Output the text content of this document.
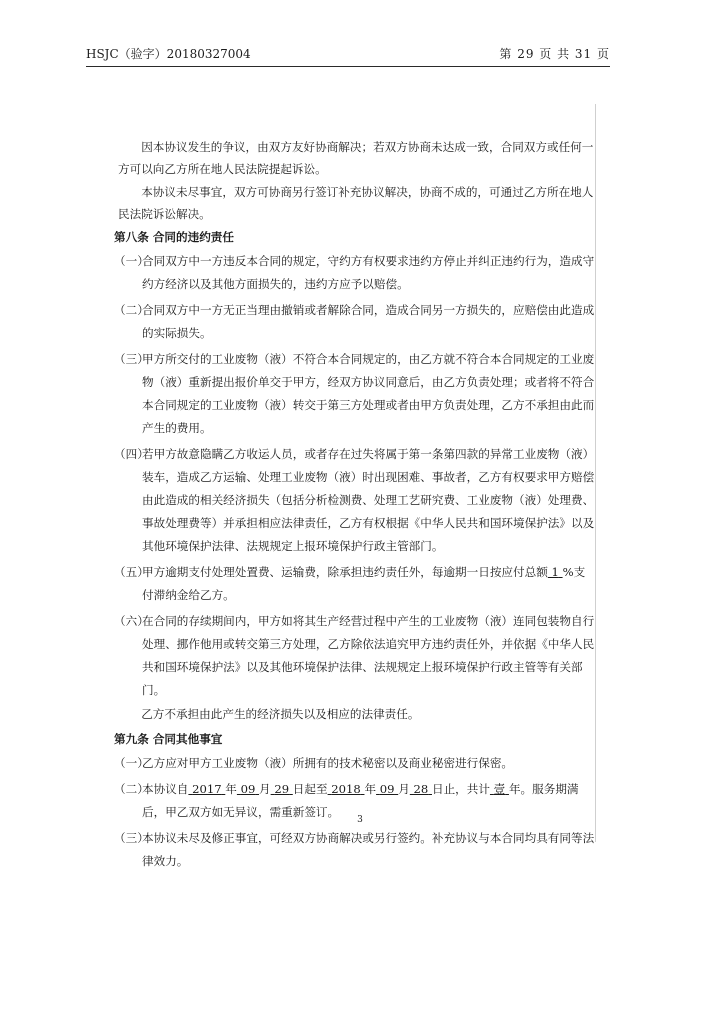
HSJC（验字）20180327004	第 29 页 共 31 页
因本协议发生的争议，由双方友好协商解决；若双方协商未达成一致，合同双方或任何一方可以向乙方所在地人民法院提起诉讼。
本协议未尽事宜，双方可协商另行签订补充协议解决，协商不成的，可通过乙方所在地人民法院诉讼解决。
第八条 合同的违约责任
（一）
合同双方中一方违反本合同的规定，守约方有权要求违约方停止并纠正违约行为，造成守约方经济以及其他方面损失的，违约方应予以赔偿。
（二）
合同双方中一方无正当理由撤销或者解除合同，造成合同另一方损失的，应赔偿由此造成的实际损失。
（三）
甲方所交付的工业废物（液）不符合本合同规定的，由乙方就不符合本合同规定的工业废物（液）重新提出报价单交于甲方，经双方协议同意后，由乙方负责处理；或者将不符合本合同规定的工业废物（液）转交于第三方处理或者由甲方负责处理，乙方不承担由此而产生的费用。
（四）
若甲方故意隐瞒乙方收运人员，或者存在过失将属于第一条第四款的异常工业废物（液）装车，造成乙方运输、处理工业废物（液）时出现困难、事故者，乙方有权要求甲方赔偿由此造成的相关经济损失（包括分析检测费、处理工艺研究费、工业废物（液）处理费、事故处理费等）并承担相应法律责任，乙方有权根据《中华人民共和国环境保护法》以及其他环境保护法律、法规规定上报环境保护行政主管部门。
（五）
甲方逾期支付处理处置费、运输费，除承担违约责任外，每逾期一日按应付总额 1 %支付滞纳金给乙方。
（六）
在合同的存续期间内，甲方如将其生产经营过程中产生的工业废物（液）连同包装物自行处理、挪作他用或转交第三方处理，乙方除依法追究甲方违约责任外，并依据《中华人民共和国环境保护法》以及其他环境保护法律、法规规定上报环境保护行政主管等有关部门。
乙方不承担由此产生的经济损失以及相应的法律责任。
第九条 合同其他事宜
（一）
乙方应对甲方工业废物（液）所拥有的技术秘密以及商业秘密进行保密。
（二）
本协议自 2017 年 09 月 29 日起至 2018 年 09 月 28 日止，共计 壹 年。服务期满后，甲乙双方如无异议，需重新签订。
（三）
本协议未尽及修正事宜，可经双方协商解决或另行签约。补充协议与本合同均具有同等法律效力。
3
